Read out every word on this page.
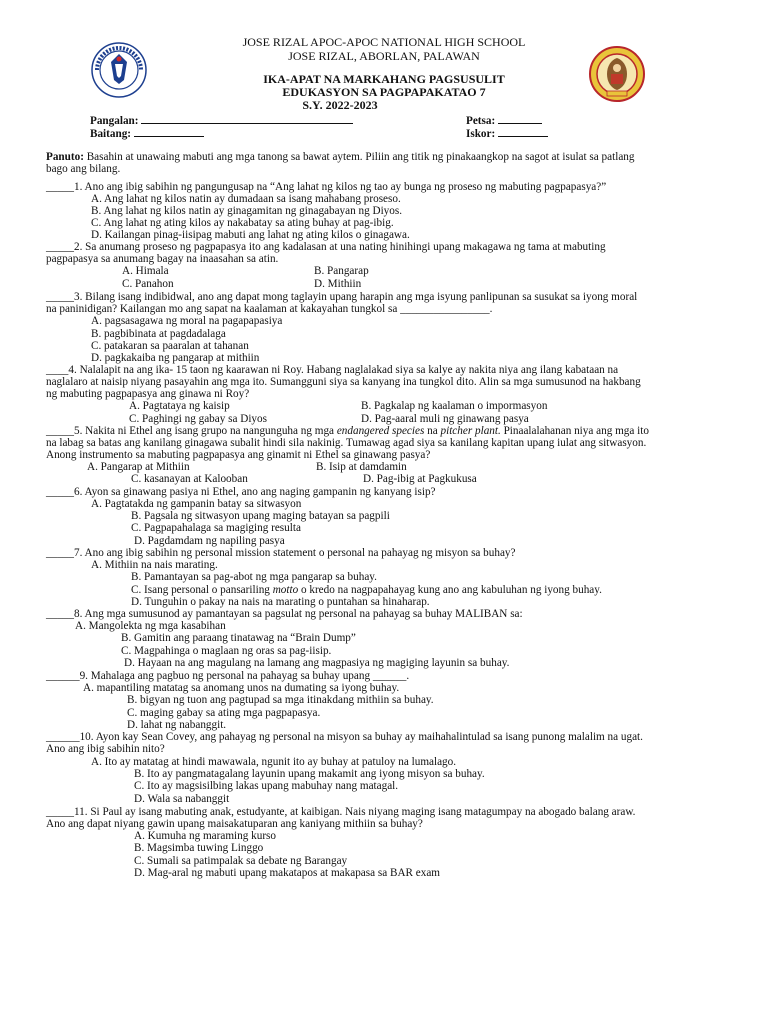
JOSE RIZAL APOC-APOC NATIONAL HIGH SCHOOL
JOSE RIZAL, ABORLAN, PALAWAN
IKA-APAT NA MARKAHANG PAGSUSULIT
EDUKASYON SA PAGPAPAKATAO 7
S.Y. 2022-2023
Pangalan:
Baitang:
Petsa:
Iskor:
Panuto: Basahin at unawaing mabuti ang mga tanong sa bawat aytem. Piliin ang titik ng pinakaangkop na sagot at isulat sa patlang
bago ang bilang.
_____1. Ano ang ibig sabihin ng pangungusap na “Ang lahat ng kilos ng tao ay bunga ng proseso ng mabuting pagpapasya?”
A. Ang lahat ng kilos natin ay dumadaan sa isang mahabang proseso.
B. Ang lahat ng kilos natin ay ginagamitan ng ginagabayan ng Diyos.
C. Ang lahat ng ating kilos ay nakabatay sa ating buhay at pag-ibig.
D. Kailangan pinag-iisipag mabuti ang lahat ng ating kilos o ginagawa.
_____2. Sa anumang proseso ng pagpapasya ito ang kadalasan at una nating hinihingi upang makagawa ng tama at mabuting
pagpapasya sa anumang bagay na inaasahan sa atin.
A. Himala	B. Pangarap
C. Panahon	D. Mithiin
_____3. Bilang isang indibidwal, ano ang dapat mong taglayin upang harapin ang mga isyung panlipunan sa susukat sa iyong moral
na paninidigan? Kailangan mo ang sapat na kaalaman at kakayahan tungkol sa ________________.
A. pagsasagawa ng moral na pagapapasiya
B. pagbibinata at pagdadalaga
C. patakaran sa paaralan at tahanan
D. pagkakaiba ng pangarap at mithiin
____4. Nalalapit na ang ika- 15 taon ng kaarawan ni Roy. Habang naglalakad siya sa kalye ay nakita niya ang ilang kabataan na
naglalaro at naisip niyang pasayahin ang mga ito. Sumangguni siya sa kanyang ina tungkol dito. Alin sa mga sumusunod na hakbang
ng mabuting pagpapasya ang ginawa ni Roy?
A. Pagtataya ng kaisip	B. Pagkalap ng kaalaman o impormasyon
C. Paghingi ng gabay sa Diyos	D. Pag-aaral muli ng ginawang pasya
_____5. Nakita ni Ethel ang isang grupo na nangunguha ng mga endangered species na pitcher plant. Pinaalalahanan niya ang mga ito
na labag sa batas ang kanilang ginagawa subalit hindi sila nakinig. Tumawag agad siya sa kanilang kapitan upang iulat ang sitwasyon.
Anong instrumento sa mabuting pagpapasya ang ginamit ni Ethel sa ginawang pasya?
A. Pangarap at Mithiin	B. Isip at damdamin
C. kasanayan at Kalooban	D. Pag-ibig at Pagkukusa
_____6. Ayon sa ginawang pasiya ni Ethel, ano ang naging gampanin ng kanyang isip?
A. Pagtatakda ng gampanin batay sa sitwasyon
B. Pagsala ng sitwasyon upang maging batayan sa pagpili
C. Pagpapahalaga sa magiging resulta
D. Pagdamdam ng napiling pasya
_____7. Ano ang ibig sabihin ng personal mission statement o personal na pahayag ng misyon sa buhay?
A. Mithiin na nais marating.
B. Pamantayan sa pag-abot ng mga pangarap sa buhay.
C. Isang personal o pansariling motto o kredo na nagpapahayag kung ano ang kabuluhan ng iyong buhay.
D. Tunguhin o pakay na nais na marating o puntahan sa hinaharap.
_____8. Ang mga sumusunod ay pamantayan sa pagsulat ng personal na pahayag sa buhay MALIBAN sa:
A. Mangolekta ng mga kasabihan
B. Gamitin ang paraang tinatawag na “Brain Dump”
C. Magpahinga o maglaan ng oras sa pag-iisip.
D. Hayaan na ang magulang na lamang ang magpasiya ng magiging layunin sa buhay.
______9. Mahalaga ang pagbuo ng personal na pahayag sa buhay upang ______.
A. mapantiling matatag sa anomang unos na dumating sa iyong buhay.
B. bigyan ng tuon ang pagtupad sa mga itinakdang mithiin sa buhay.
C. maging gabay sa ating mga pagpapasya.
D. lahat ng nabanggit.
______10. Ayon kay Sean Covey, ang pahayag ng personal na misyon sa buhay ay maihahalintulad sa isang punong malalim na ugat.
Ano ang ibig sabihin nito?
A. Ito ay matatag at hindi mawawala, ngunit ito ay buhay at patuloy na lumalago.
B. Ito ay pangmatagalang layunin upang makamit ang iyong misyon sa buhay.
C. Ito ay magsisilbing lakas upang mabuhay nang matagal.
D. Wala sa nabanggit
_____11. Si Paul ay isang mabuting anak, estudyante, at kaibigan. Nais niyang maging isang matagumpay na abogado balang araw.
Ano ang dapat niyang gawin upang maisakatuparan ang kaniyang mithiin sa buhay?
A. Kumuha ng maraming kurso
B. Magsimba tuwing Linggo
C. Sumali sa patimpalak sa debate ng Barangay
D. Mag-aral ng mabuti upang makatapos at makapasa sa BAR exam
